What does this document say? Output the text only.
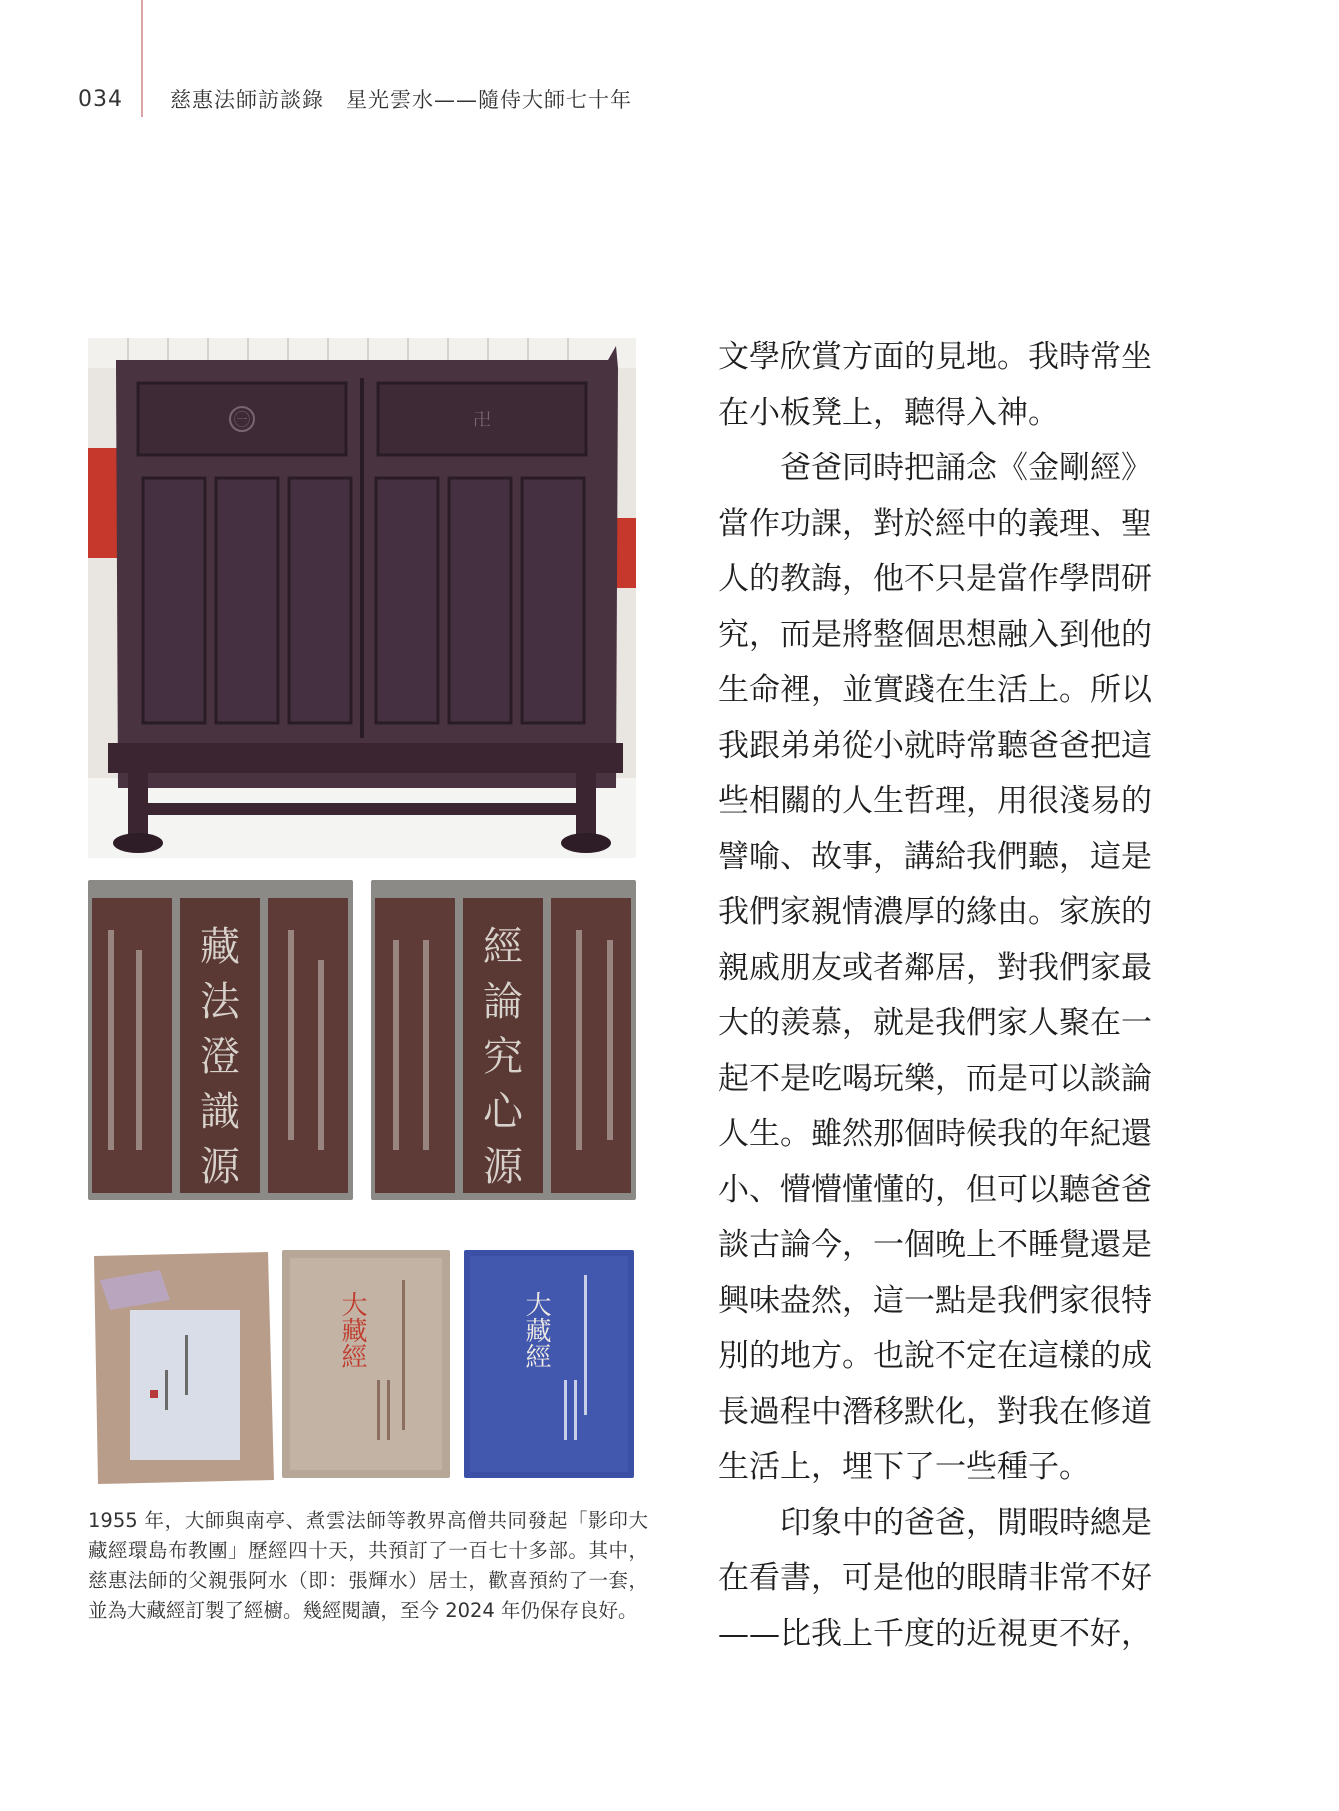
034 慈惠法師訪談錄　星光雲水——隨侍大師七十年
㊀	卍
藏
法
澄
識
源
經
論
究
心
源
大藏經	大藏經
1955 年，大師與南亭、煮雲法師等教界高僧共同發起「影印大藏經環島布教團」歷經四十天，共預訂了一百七十多部。其中，慈惠法師的父親張阿水（即：張輝水）居士，歡喜預約了一套，並為大藏經訂製了經櫥。幾經閱讀，至今 2024 年仍保存良好。
文學欣賞方面的見地。我時常坐
在小板凳上，聽得入神。
　　爸爸同時把誦念《金剛經》
當作功課，對於經中的義理、聖
人的教誨，他不只是當作學問研
究，而是將整個思想融入到他的
生命裡，並實踐在生活上。所以
我跟弟弟從小就時常聽爸爸把這
些相關的人生哲理，用很淺易的
譬喻、故事，講給我們聽，這是
我們家親情濃厚的緣由。家族的
親戚朋友或者鄰居，對我們家最
大的羨慕，就是我們家人聚在一
起不是吃喝玩樂，而是可以談論
人生。雖然那個時候我的年紀還
小、懵懵懂懂的，但可以聽爸爸
談古論今，一個晚上不睡覺還是
興味盎然，這一點是我們家很特
別的地方。也說不定在這樣的成
長過程中潛移默化，對我在修道
生活上，埋下了一些種子。
　　印象中的爸爸，閒暇時總是
在看書，可是他的眼睛非常不好
——比我上千度的近視更不好，
